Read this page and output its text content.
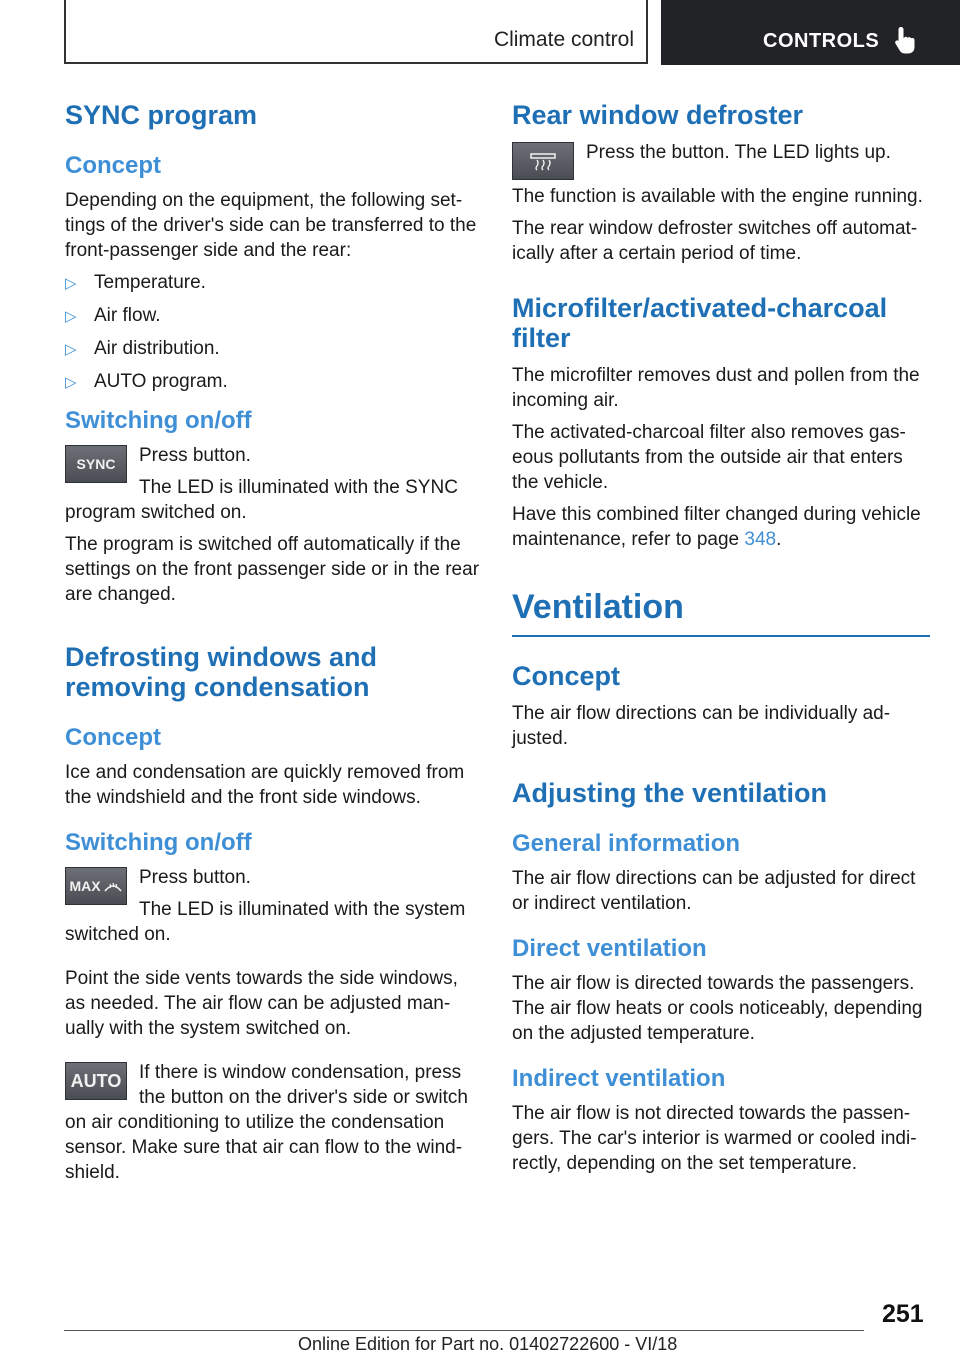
Climate control	CONTROLS
SYNC program
Concept

Depending on the equipment, the following set-tings of the driver's side can be transferred to the front-passenger side and the rear:

▷ Temperature.
▷ Air flow.
▷ Air distribution.
▷ AUTO program.
Switching on/off
SYNC	Press button.

The LED is illuminated with the SYNC program switched on.

The program is switched off automatically if the settings on the front passenger side or in the rear are changed.

Defrosting windows and removing condensation
Concept

Ice and condensation are quickly removed from the windshield and the front side windows.

Switching on/off
MAX	Press button.

The LED is illuminated with the system switched on.

Point the side vents towards the side windows, as needed. The air flow can be adjusted man-ually with the system switched on.

AUTO If there is window condensation, press the button on the driver's side or switch on air conditioning to utilize the condensation sensor. Make sure that air can flow to the wind-shield.

Rear window defroster

Press the button. The LED lights up.

The function is available with the engine running.

The rear window defroster switches off automat-ically after a certain period of time.

Microfilter/activated-charcoal filter

The microfilter removes dust and pollen from the incoming air.

The activated-charcoal filter also removes gas-eous pollutants from the outside air that enters the vehicle.

Have this combined filter changed during vehicle maintenance, refer to page 348.

Ventilation
Concept

The air flow directions can be individually ad-justed.

Adjusting the ventilation
General information

The air flow directions can be adjusted for direct or indirect ventilation.

Direct ventilation

The air flow is directed towards the passengers. The air flow heats or cools noticeably, depending on the adjusted temperature.

Indirect ventilation

The air flow is not directed towards the passen-gers. The car's interior is warmed or cooled indi-rectly, depending on the set temperature.

251
Online Edition for Part no. 01402722600 - VI/18
